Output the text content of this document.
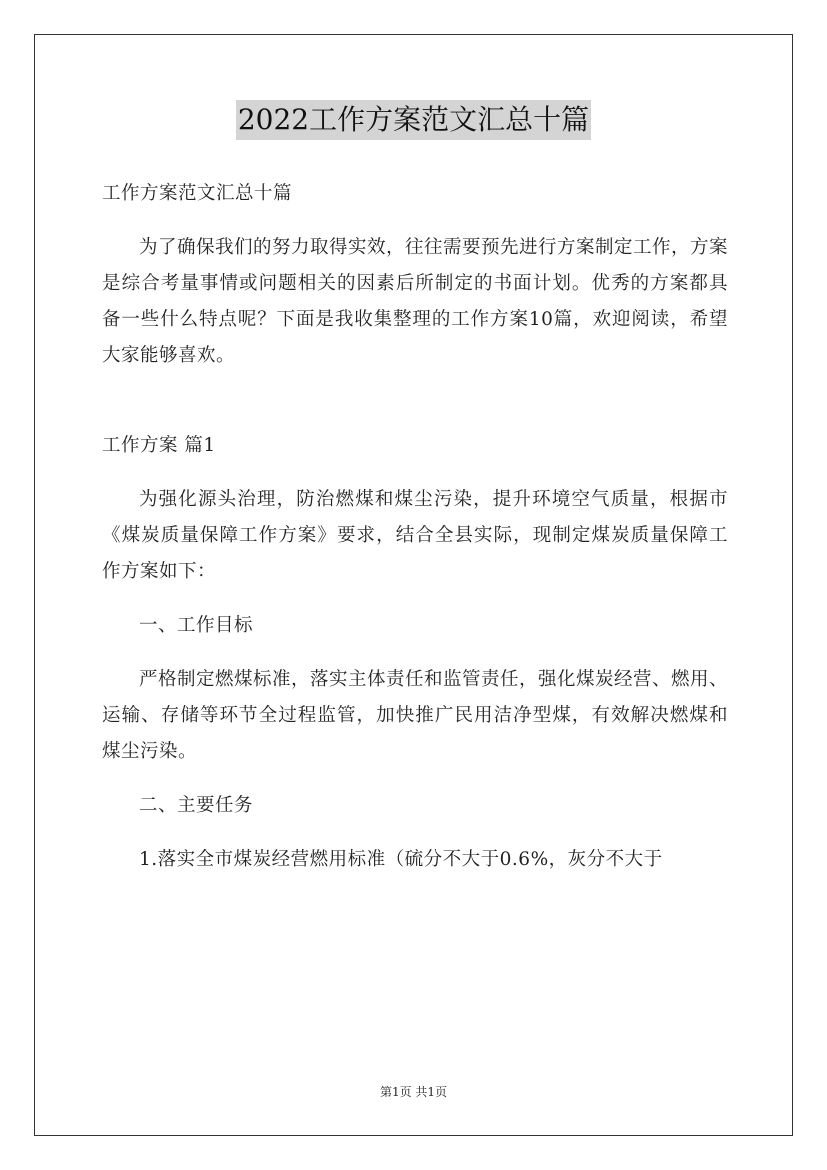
2022工作方案范文汇总十篇

工作方案范文汇总十篇

为了确保我们的努力取得实效，往往需要预先进行方案制定工作，方案是综合考量事情或问题相关的因素后所制定的书面计划。优秀的方案都具备一些什么特点呢？下面是我收集整理的工作方案10篇，欢迎阅读，希望大家能够喜欢。

工作方案 篇1

为强化源头治理，防治燃煤和煤尘污染，提升环境空气质量，根据市《煤炭质量保障工作方案》要求，结合全县实际，现制定煤炭质量保障工作方案如下：

一、工作目标

严格制定燃煤标准，落实主体责任和监管责任，强化煤炭经营、燃用、运输、存储等环节全过程监管，加快推广民用洁净型煤，有效解决燃煤和煤尘污染。

二、主要任务

1.落实全市煤炭经营燃用标准（硫分不大于0.6%，灰分不大于

第1页 共1页
